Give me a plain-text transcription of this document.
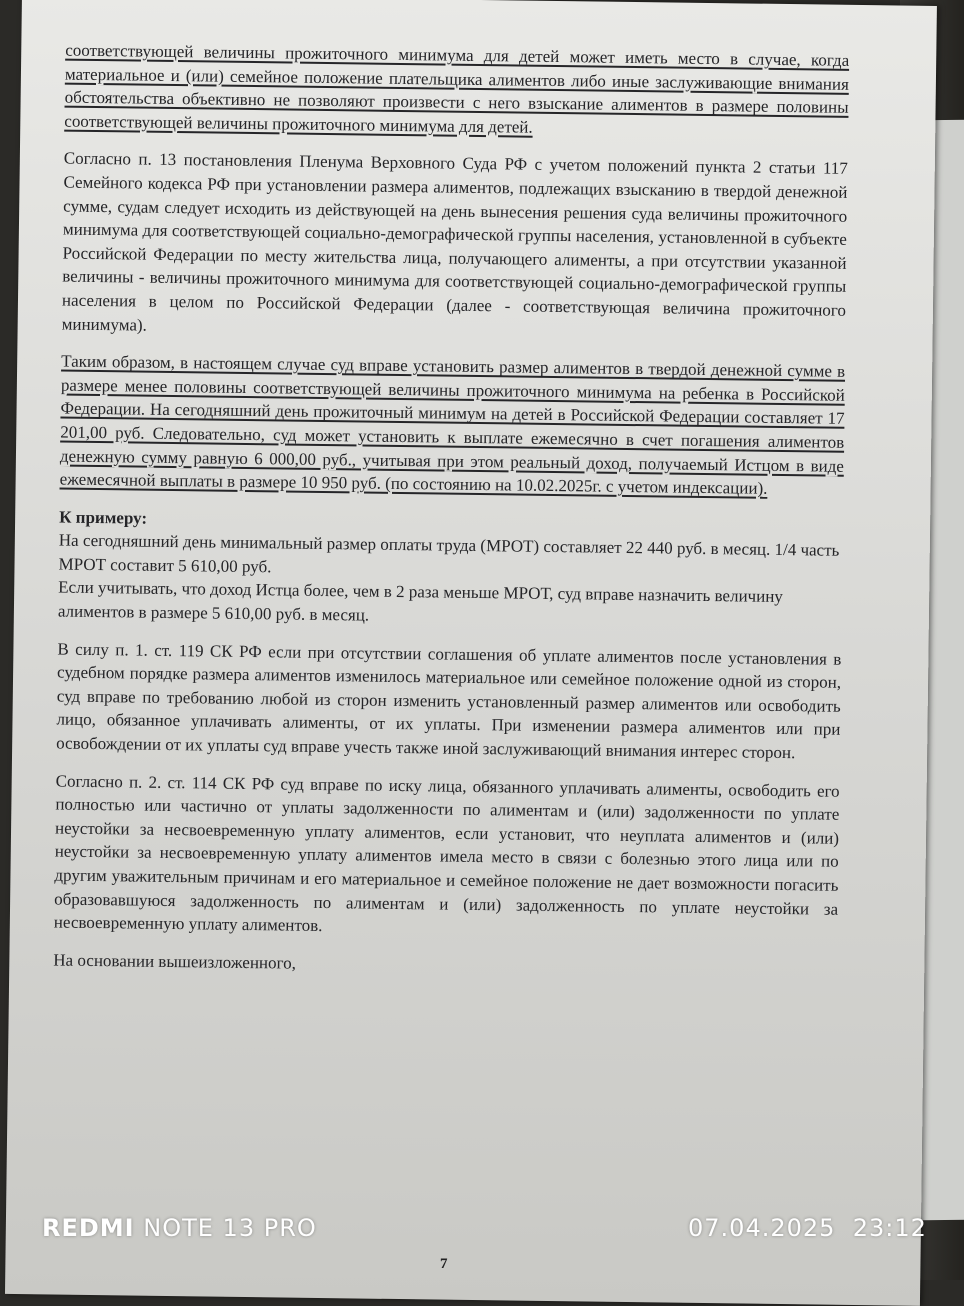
соответствующей величины прожиточного минимума для детей может иметь место в случае, когда материальное и (или) семейное положение плательщика алиментов либо иные заслуживающие внимания обстоятельства объективно не позволяют произвести с него взыскание алиментов в размере половины соответствующей величины прожиточного минимума для детей.

Согласно п. 13 постановления Пленума Верховного Суда РФ с учетом положений пункта 2 статьи 117 Семейного кодекса РФ при установлении размера алиментов, подлежащих взысканию в твердой денежной сумме, судам следует исходить из действующей на день вынесения решения суда величины прожиточного минимума для соответствующей социально-демографической группы населения, установленной в субъекте Российской Федерации по месту жительства лица, получающего алименты, а при отсутствии указанной величины - величины прожиточного минимума для соответствующей социально-демографической группы населения в целом по Российской Федерации (далее - соответствующая величина прожиточного минимума).

Таким образом, в настоящем случае суд вправе установить размер алиментов в твердой денежной сумме в размере менее половины соответствующей величины прожиточного минимума на ребенка в Российской Федерации. На сегодняшний день прожиточный минимум на детей в Российской Федерации составляет 17 201,00 руб. Следовательно, суд может установить к выплате ежемесячно в счет погашения алиментов денежную сумму равную 6 000,00 руб., учитывая при этом реальный доход, получаемый Истцом в виде ежемесячной выплаты в размере 10 950 руб. (по состоянию на 10.02.2025г. с учетом индексации).

К примеру:

На сегодняшний день минимальный размер оплаты труда (МРОТ) составляет 22 440 руб. в месяц. 1/4 часть МРОТ составит 5 610,00 руб.

Если учитывать, что доход Истца более, чем в 2 раза меньше МРОТ, суд вправе назначить величину алиментов в размере 5 610,00 руб. в месяц.

В силу п. 1. ст. 119 СК РФ если при отсутствии соглашения об уплате алиментов после установления в судебном порядке размера алиментов изменилось материальное или семейное положение одной из сторон, суд вправе по требованию любой из сторон изменить установленный размер алиментов или освободить лицо, обязанное уплачивать алименты, от их уплаты. При изменении размера алиментов или при освобождении от их уплаты суд вправе учесть также иной заслуживающий внимания интерес сторон.

Согласно п. 2. ст. 114 СК РФ суд вправе по иску лица, обязанного уплачивать алименты, освободить его полностью или частично от уплаты задолженности по алиментам и (или) задолженности по уплате неустойки за несвоевременную уплату алиментов, если установит, что неуплата алиментов и (или) неустойки за несвоевременную уплату алиментов имела место в связи с болезнью этого лица или по другим уважительным причинам и его материальное и семейное положение не дает возможности погасить образовавшуюся задолженность по алиментам и (или) задолженность по уплате неустойки за несвоевременную уплату алиментов.

На основании вышеизложенного,

REDMI NOTE 13 PRO	07.04.2025 23:12
7
